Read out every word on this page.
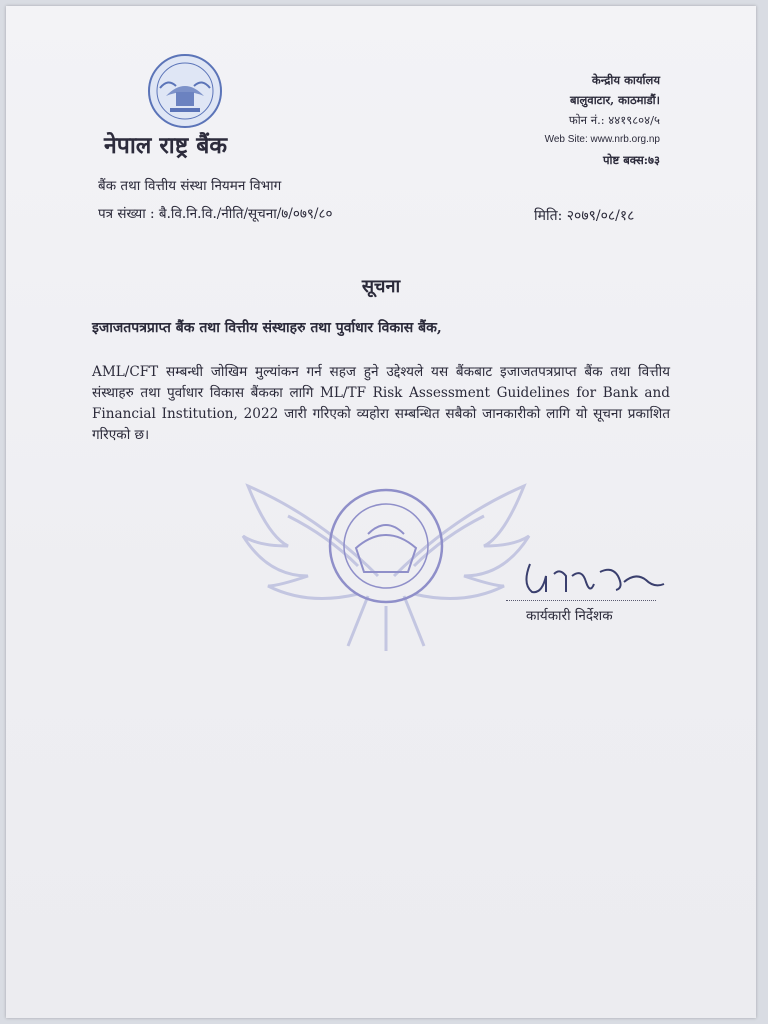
नेपाल राष्ट्र बैंक
बैंक तथा वित्तीय संस्था नियमन विभाग
पत्र संख्या : बै.वि.नि.वि./नीति/सूचना/७/०७९/८०
केन्द्रीय कार्यालय
बालुवाटार, काठमाडौं।
फोन नं.: ४४१९८०४/५
Web Site: www.nrb.org.np
पोष्ट बक्स:७३
मिति: २०७९/०८/१८
सूचना
इजाजतपत्रप्राप्त बैंक तथा वित्तीय संस्थाहरु तथा पुर्वाधार विकास बैंक,
AML/CFT सम्बन्धी जोखिम मुल्यांकन गर्न सहज हुने उद्देश्यले यस बैंकबाट इजाजतपत्रप्राप्त बैंक तथा वित्तीय संस्थाहरु तथा पुर्वाधार विकास बैंकका लागि ML/TF Risk Assessment Guidelines for Bank and Financial Institution, 2022 जारी गरिएको व्यहोरा सम्बन्धित सबैको जानकारीको लागि यो सूचना प्रकाशित गरिएको छ।
कार्यकारी निर्देशक
